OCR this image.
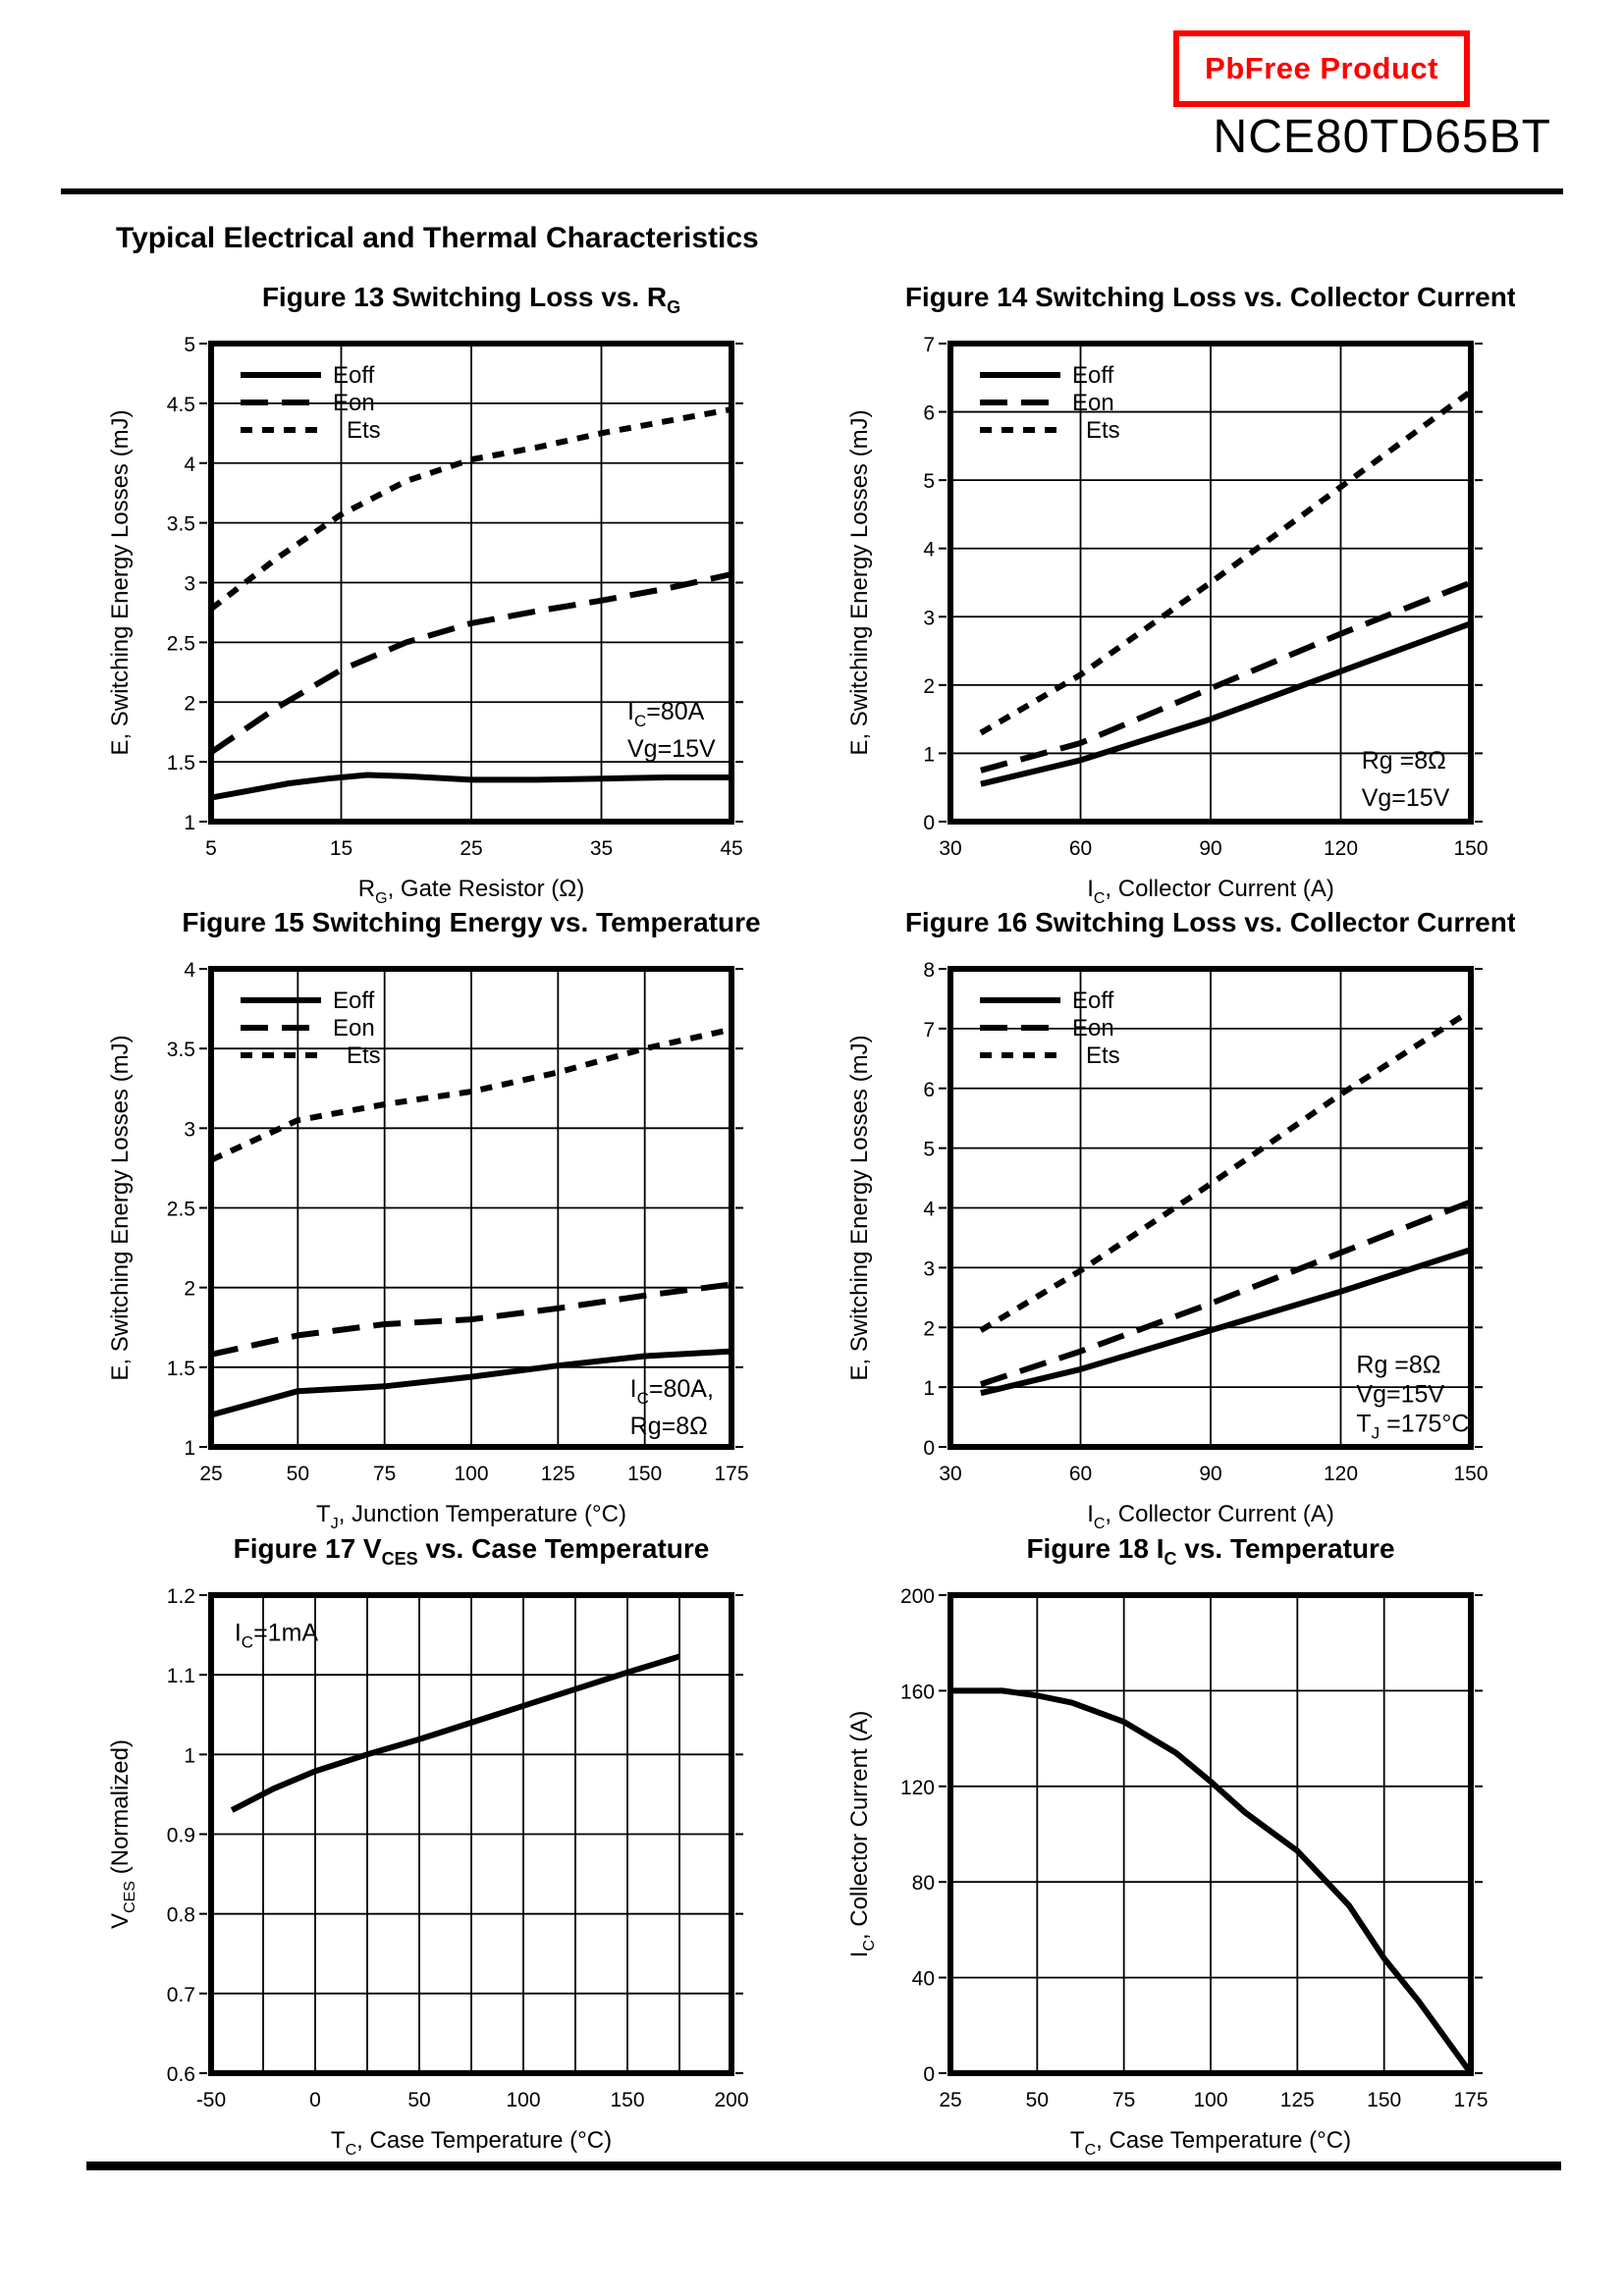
PbFree Product
NCE80TD65BT
Typical Electrical and Thermal Characteristics
1
1.5
2
2.5
3
3.5
4
4.5
5
5	15	25	35	45
Figure 13 Switching Loss vs. $R_G$
$R_G$, Gate Resistor (Ω)
E, Switching Energy Losses (mJ)
Eoff
Eon
Ets
$I_C=80A$
Vg=15V
0
1
2
3
4
5
6
7
30	60	90	120	150
Figure 14 Switching Loss vs. Collector Current
$I_C$, Collector Current (A)
E, Switching Energy Losses (mJ)
Eoff
Eon
Ets
Rg =8Ω
Vg=15V
1
1.5
2
2.5
3
3.5
4
25	50	75	100	125	150	175
Figure 15 Switching Energy vs. Temperature
$T_J$, Junction Temperature (°C)
E, Switching Energy Losses (mJ)
Eoff
Eon
Ets
$I_C=80A$,
Rg=8Ω
0
1
2
3
4
5
6
7
8
30	60	90	120	150
Figure 16 Switching Loss vs. Collector Current
$I_C$, Collector Current (A)
E, Switching Energy Losses (mJ)
Eoff
Eon
Ets
Rg =8Ω
Vg=15V
$T_J =175^\circ C$
0.6
0.7
0.8
0.9
1
1.1
1.2
-50	0	50	100	150	200
Figure 17 $V_{CES}$ vs. Case Temperature
$T_C$, Case Temperature (°C)
$V_{CES}$ (Normalized)
$I_C=1mA$
0
40
80
120
160
200
25	50	75	100	125	150	175
Figure 18 $I_C$ vs. Temperature
$T_C$, Case Temperature (°C)
$I_C$, Collector Current (A)
